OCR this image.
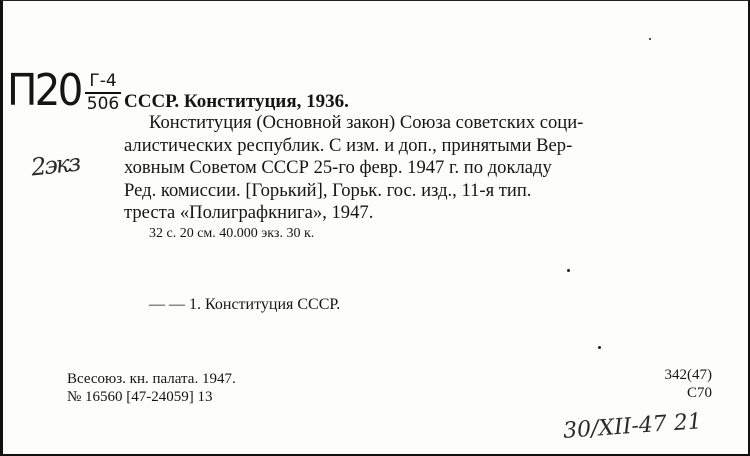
П20 Г-4
506
2экз
СССР. Конституция, 1936.
Конституция (Основной закон) Союза советских соци-
алистических республик. С изм. и доп., принятыми Вер-
ховным Советом СССР 25-го февр. 1947 г. по докладу
Ред. комиссии. [Горький], Горьк. гос. изд., 11-я тип.
треста «Полиграфкнига», 1947.
32 с. 20 см. 40.000 экз. 30 к.
— — 1. Конституция СССР.
Всесоюз. кн. палата. 1947.
№ 16560 [47-24059] 13
342(47)
С70
30/XII-47 21
